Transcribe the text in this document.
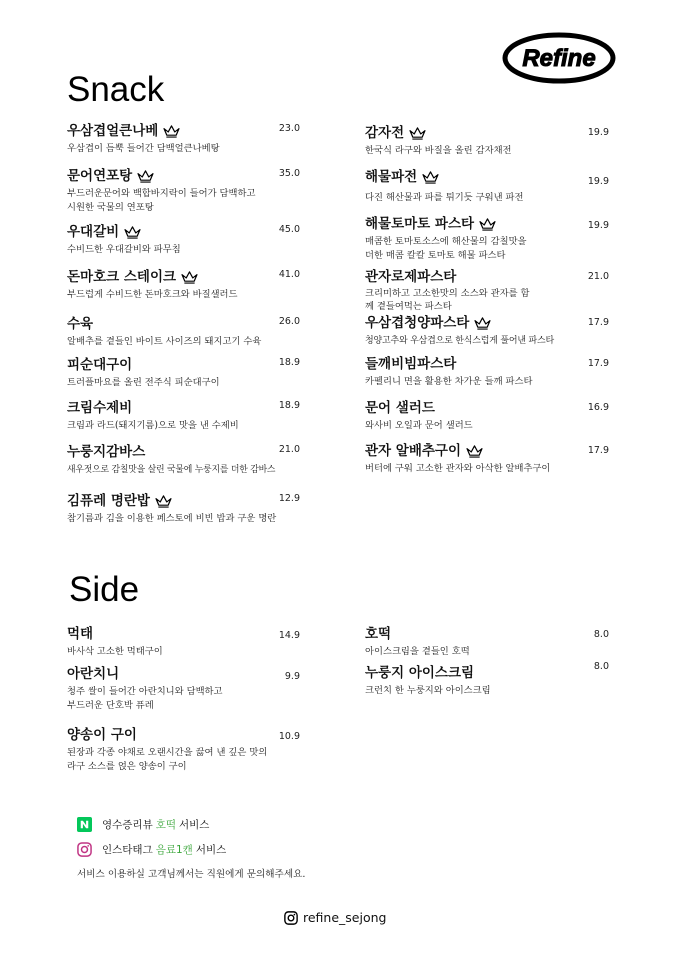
Refine
Snack
우삼겹얼큰나베	23.0
우삼겹이 듬뿍 들어간 담백얼큰나베탕
문어연포탕	35.0
부드러운문어와 백합바지락이 들어가 담백하고
시원한 국물의 연포탕
우대갈비	45.0
수비드한 우대갈비와 파무침
돈마호크 스테이크	41.0
부드럽게 수비드한 돈마호크와 바질샐러드
수육	26.0
알배추를 곁들인 바이트 사이즈의 돼지고기 수육
피순대구이	18.9
트러플마요를 올린 전주식 피순대구이
크림수제비	18.9
크림과 라드(돼지기름)으로 맛을 낸 수제비
누룽지감바스	21.0
새우젓으로 감칠맛을 살린 국물에 누룽지를 더한 감바스
김퓨레 명란밥	12.9
참기름과 김을 이용한 페스토에 비빈 밥과 구운 명란
감자전	19.9
한국식 라구와 바질을 올린 감자채전
해물파전	19.9
다진 해산물과 파를 튀기듯 구워낸 파전
해물토마토 파스타	19.9
매콤한 토마토소스에 해산물의 감칠맛을
더한 매콤 칼칼 토마토 해물 파스타
관자로제파스타	21.0
크리미하고 고소한맛의 소스와 관자를 함
께 곁들여먹는 파스타
우삼겹청양파스타	17.9
청양고추와 우삼겹으로 한식스럽게 풀어낸 파스타
들깨비빔파스타	17.9
카펠리니 면을 활용한 차가운 들깨 파스타
문어 샐러드	16.9
와사비 오일과 문어 샐러드
관자 알배추구이	17.9
버터에 구워 고소한 관자와 아삭한 알배추구이
Side
먹태	14.9
바사삭 고소한 먹태구이
아란치니	9.9
청주 쌀이 들어간 아란치니와 담백하고
부드러운 단호박 퓨레
양송이 구이	10.9
된장과 각종 야채로 오랜시간을 끓여 낸 깊은 맛의
라구 소스를 얹은 양송이 구이
호떡	8.0
아이스크림을 곁들인 호떡
누룽지 아이스크림	8.0
크런치 한 누룽지와 아이스크림
영수증리뷰 호떡 서비스
인스타태그 음료1캔 서비스
서비스 이용하실 고객님께서는 직원에게 문의해주세요.
refine_sejong
